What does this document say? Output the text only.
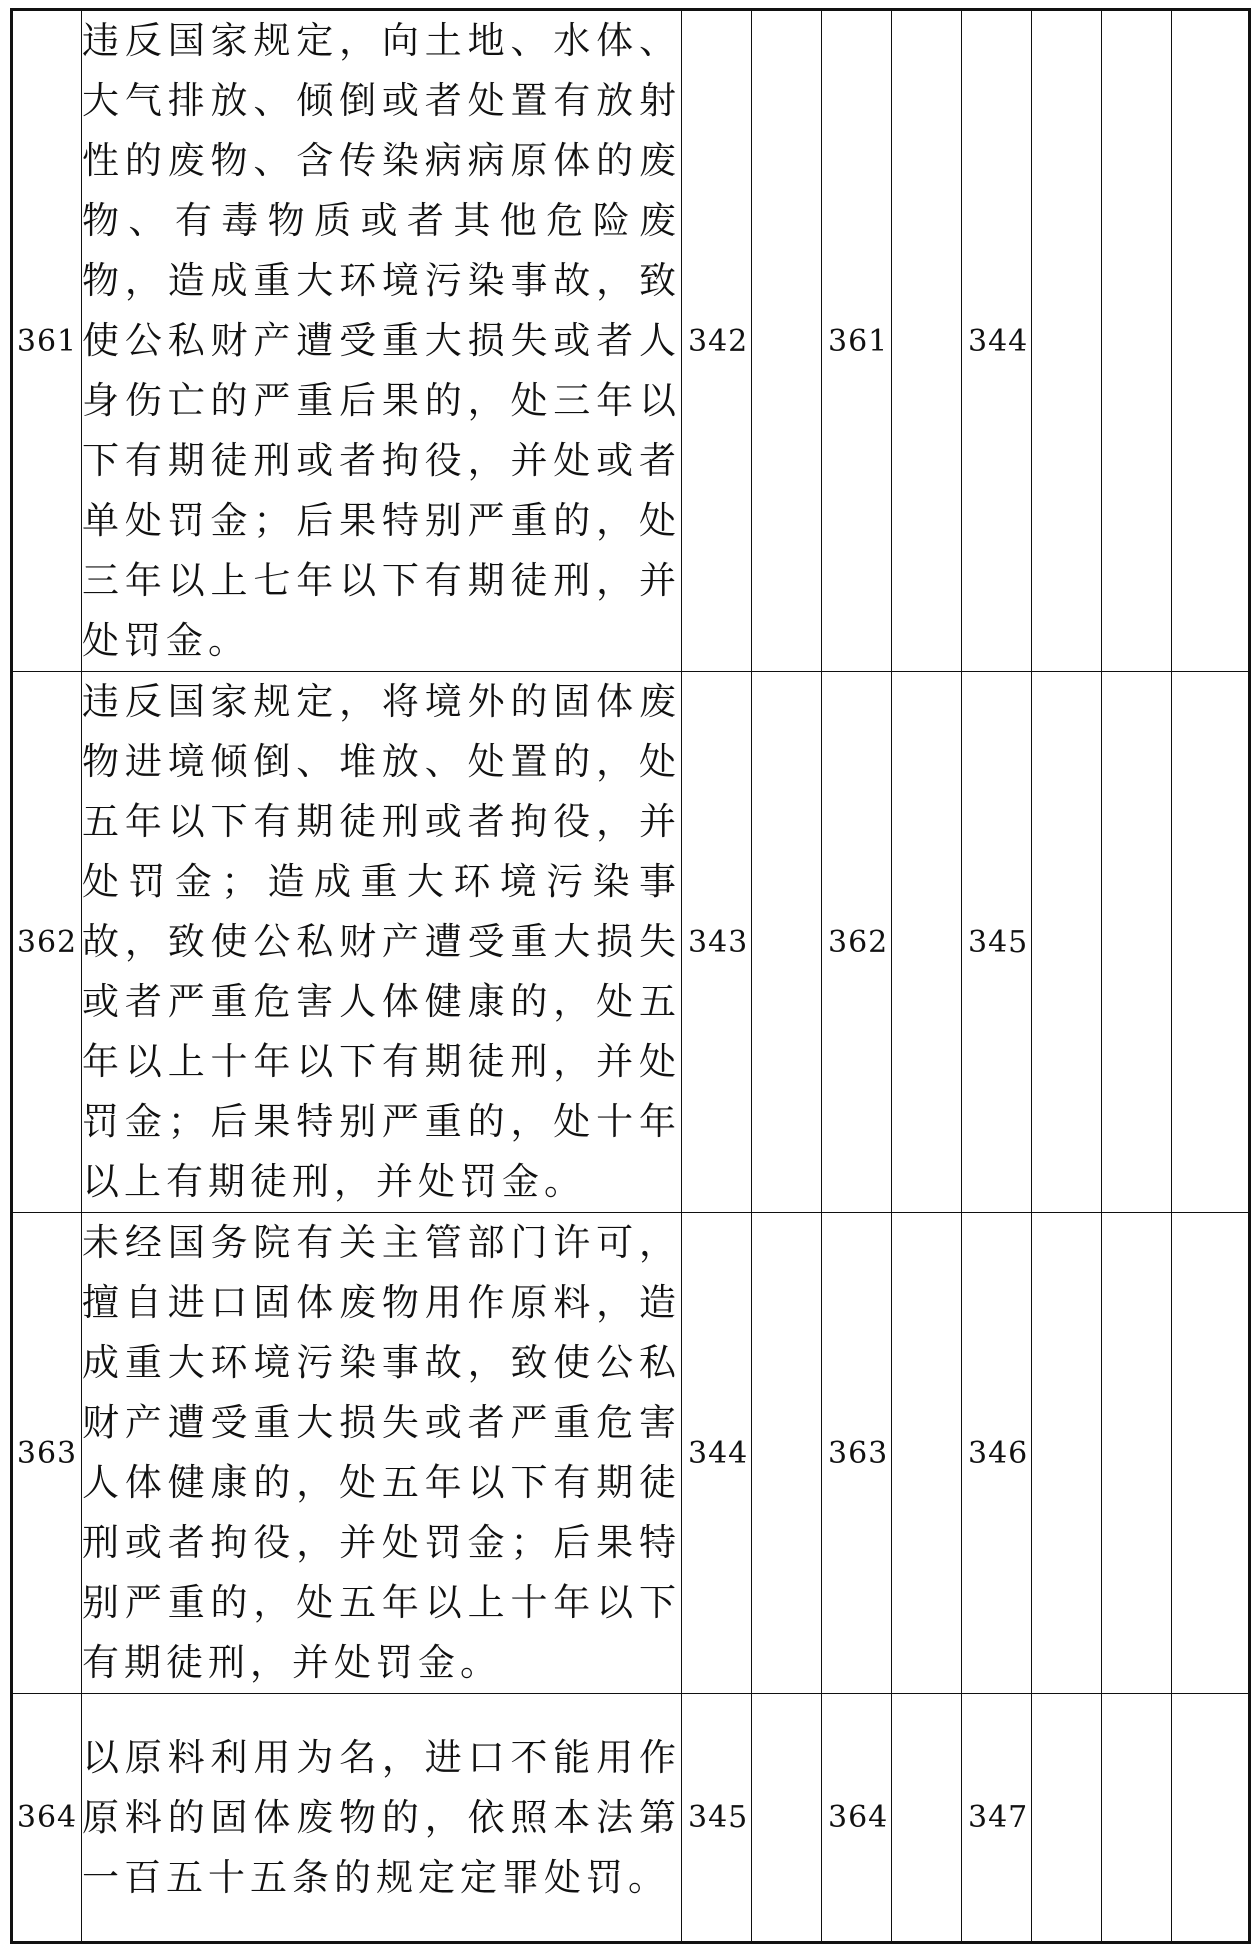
361	违反国家规定，向土地、水体、大气排放、倾倒或者处置有放射性的废物、含传染病病原体的废物、有毒物质或者其他危险废物，造成重大环境污染事故，致使公私财产遭受重大损失或者人身伤亡的严重后果的，处三年以下有期徒刑或者拘役，并处或者单处罚金；后果特别严重的，处三年以上七年以下有期徒刑，并处罚金。	342		361		344			
362	违反国家规定，将境外的固体废物进境倾倒、堆放、处置的，处五年以下有期徒刑或者拘役，并处罚金；造成重大环境污染事故，致使公私财产遭受重大损失或者严重危害人体健康的，处五年以上十年以下有期徒刑，并处罚金；后果特别严重的，处十年以上有期徒刑，并处罚金。	343		362		345			
363	未经国务院有关主管部门许可，擅自进口固体废物用作原料，造成重大环境污染事故，致使公私财产遭受重大损失或者严重危害人体健康的，处五年以下有期徒刑或者拘役，并处罚金；后果特别严重的，处五年以上十年以下有期徒刑，并处罚金。	344		363		346			
364	以原料利用为名，进口不能用作原料的固体废物的，依照本法第一百五十五条的规定定罪处罚。	345		364		347			
